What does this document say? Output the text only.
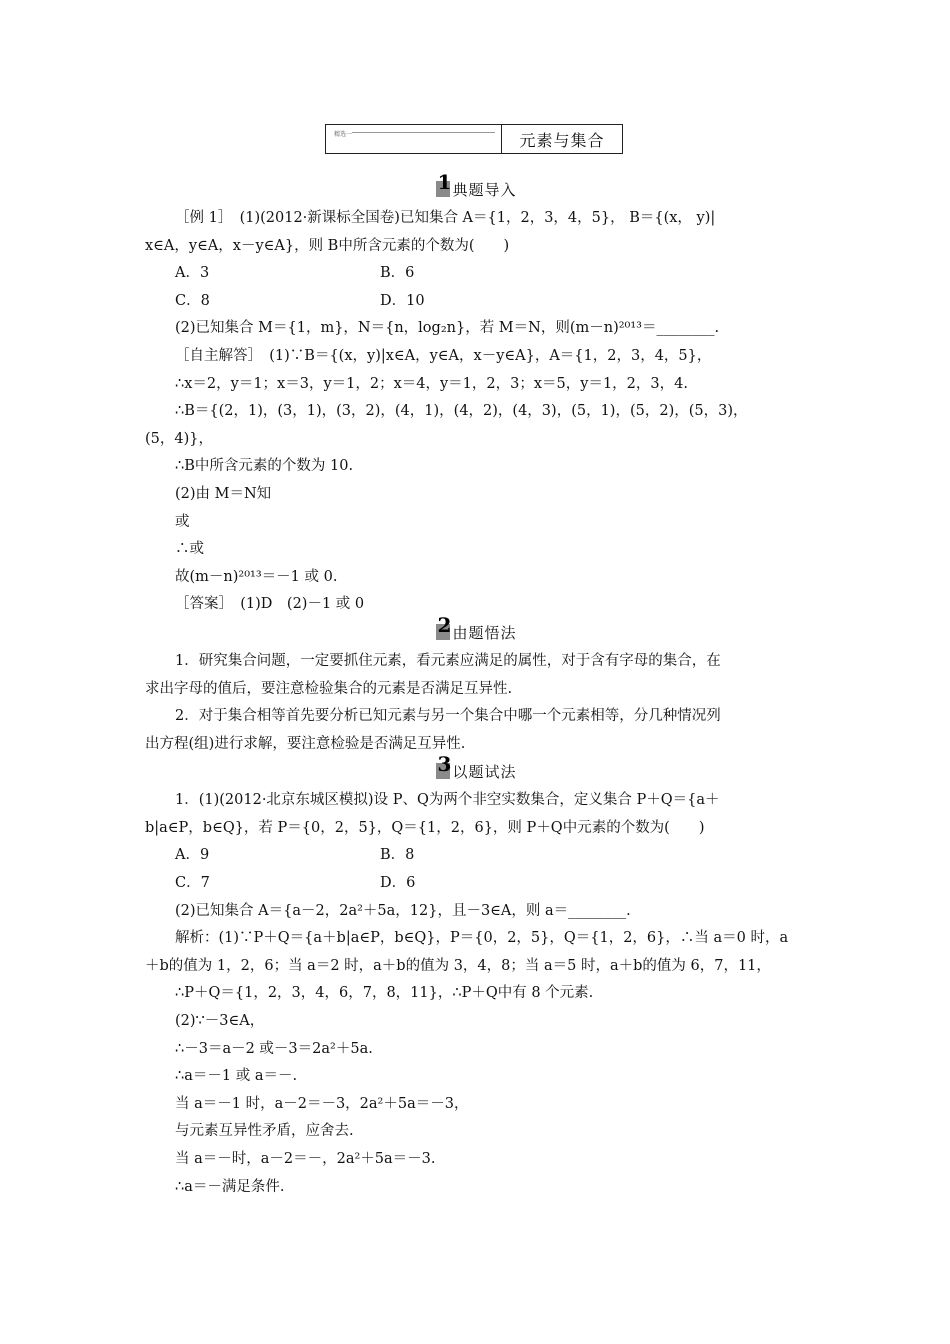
精选一	元素与集合
1 典题导入
［例 1］　(1)(2012·新课标全国卷)已知集合 A＝{1，2，3，4，5}， B＝{(x， y)|
x∈A，y∈A，x－y∈A}，则 B中所含元素的个数为(　　)
A．3	B．6
C．8	D．10
(2)已知集合 M＝{1，m}，N＝{n，log₂n}，若 M＝N，则(m－n)²⁰¹³＝________.
［自主解答］　(1)∵B＝{(x，y)|x∈A，y∈A，x－y∈A}，A＝{1，2，3，4，5}，
∴x＝2，y＝1；x＝3，y＝1，2；x＝4，y＝1，2，3；x＝5，y＝1，2，3，4.
∴B＝{(2，1)，(3，1)，(3，2)，(4，1)，(4，2)，(4，3)，(5，1)，(5，2)，(5，3)，
(5，4)}，
∴B中所含元素的个数为 10.
(2)由 M＝N知
或
∴或
故(m－n)²⁰¹³＝－1 或 0.
［答案］　(1)D　(2)－1 或 0
2 由题悟法
1．研究集合问题，一定要抓住元素，看元素应满足的属性，对于含有字母的集合，在
求出字母的值后，要注意检验集合的元素是否满足互异性.
2．对于集合相等首先要分析已知元素与另一个集合中哪一个元素相等，分几种情况列
出方程(组)进行求解，要注意检验是否满足互异性.
3 以题试法
1．(1)(2012·北京东城区模拟)设 P、Q为两个非空实数集合，定义集合 P＋Q＝{a＋
b|a∈P，b∈Q}，若 P＝{0，2，5}，Q＝{1，2，6}，则 P＋Q中元素的个数为(　　)
A．9	B．8
C．7	D．6
(2)已知集合 A＝{a－2，2a²＋5a，12}，且－3∈A，则 a＝________.
解析：(1)∵P＋Q＝{a＋b|a∈P，b∈Q}，P＝{0，2，5}，Q＝{1，2，6}，∴当 a＝0 时，a
＋b的值为 1，2，6；当 a＝2 时，a＋b的值为 3，4，8；当 a＝5 时，a＋b的值为 6，7，11，
∴P＋Q＝{1，2，3，4，6，7，8，11}，∴P＋Q中有 8 个元素.
(2)∵－3∈A，
∴－3＝a－2 或－3＝2a²＋5a.
∴a＝－1 或 a＝－.
当 a＝－1 时，a－2＝－3，2a²＋5a＝－3，
与元素互异性矛盾，应舍去.
当 a＝－时，a－2＝－，2a²＋5a＝－3.
∴a＝－满足条件.
